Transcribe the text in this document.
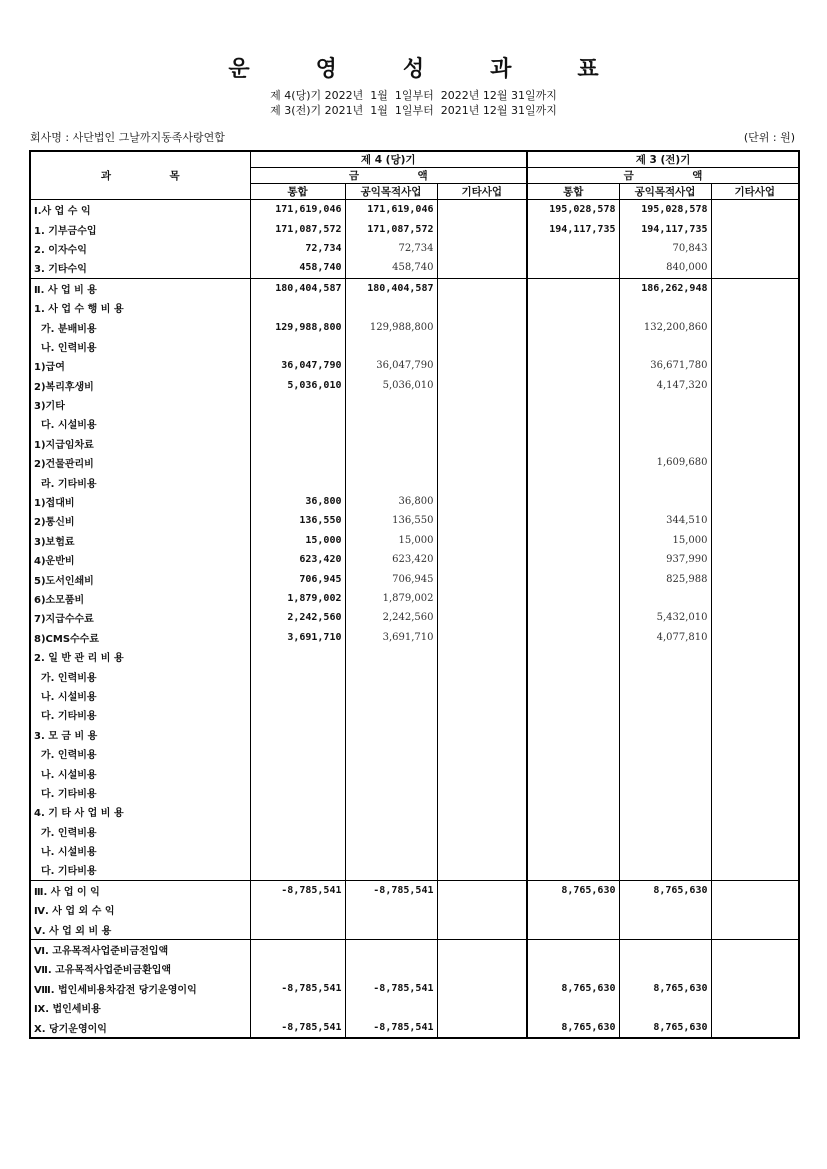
운	영	성	과	표
제 4(당)기 2022년  1월  1일부터  2022년 12월 31일까지
제 3(전)기 2021년  1월  1일부터  2021년 12월 31일까지
회사명 : 사단법인 그날까지동족사랑연합	(단위 : 원)
과                목	제 4 (당)기			제 3 (전)기		
	금                액			금                액		
	통합	공익목적사업	기타사업	통합	공익목적사업	기타사업
Ⅰ.사 업 수 익	171,619,046	171,619,046		195,028,578	195,028,578	
1. 기부금수입	171,087,572	171,087,572		194,117,735	194,117,735	
2. 이자수익	72,734	72,734			70,843	
3. 기타수익	458,740	458,740			840,000	
Ⅱ. 사 업 비 용	180,404,587	180,404,587			186,262,948	
1. 사 업 수 행 비 용						
가. 분배비용	129,988,800	129,988,800			132,200,860	
나. 인력비용						
1)급여	36,047,790	36,047,790			36,671,780	
2)복리후생비	5,036,010	5,036,010			4,147,320	
3)기타						
다. 시설비용						
1)지급임차료						
2)건물관리비					1,609,680	
라. 기타비용						
1)접대비	36,800	36,800				
2)통신비	136,550	136,550			344,510	
3)보험료	15,000	15,000			15,000	
4)운반비	623,420	623,420			937,990	
5)도서인쇄비	706,945	706,945			825,988	
6)소모품비	1,879,002	1,879,002				
7)지급수수료	2,242,560	2,242,560			5,432,010	
8)CMS수수료	3,691,710	3,691,710			4,077,810	
2. 일 반 관 리 비 용						
가. 인력비용						
나. 시설비용						
다. 기타비용						
3. 모 금 비 용						
가. 인력비용						
나. 시설비용						
다. 기타비용						
4. 기 타 사 업 비 용						
가. 인력비용						
나. 시설비용						
다. 기타비용						
Ⅲ. 사 업 이 익	-8,785,541	-8,785,541		8,765,630	8,765,630	
Ⅳ. 사 업 외 수 익						
Ⅴ. 사 업 외 비 용						
Ⅵ. 고유목적사업준비금전입액						
Ⅶ. 고유목적사업준비금환입액						
Ⅷ. 법인세비용차감전 당기운영이익	-8,785,541	-8,785,541		8,765,630	8,765,630	
Ⅸ. 법인세비용						
Ⅹ. 당기운영이익	-8,785,541	-8,785,541		8,765,630	8,765,630	
